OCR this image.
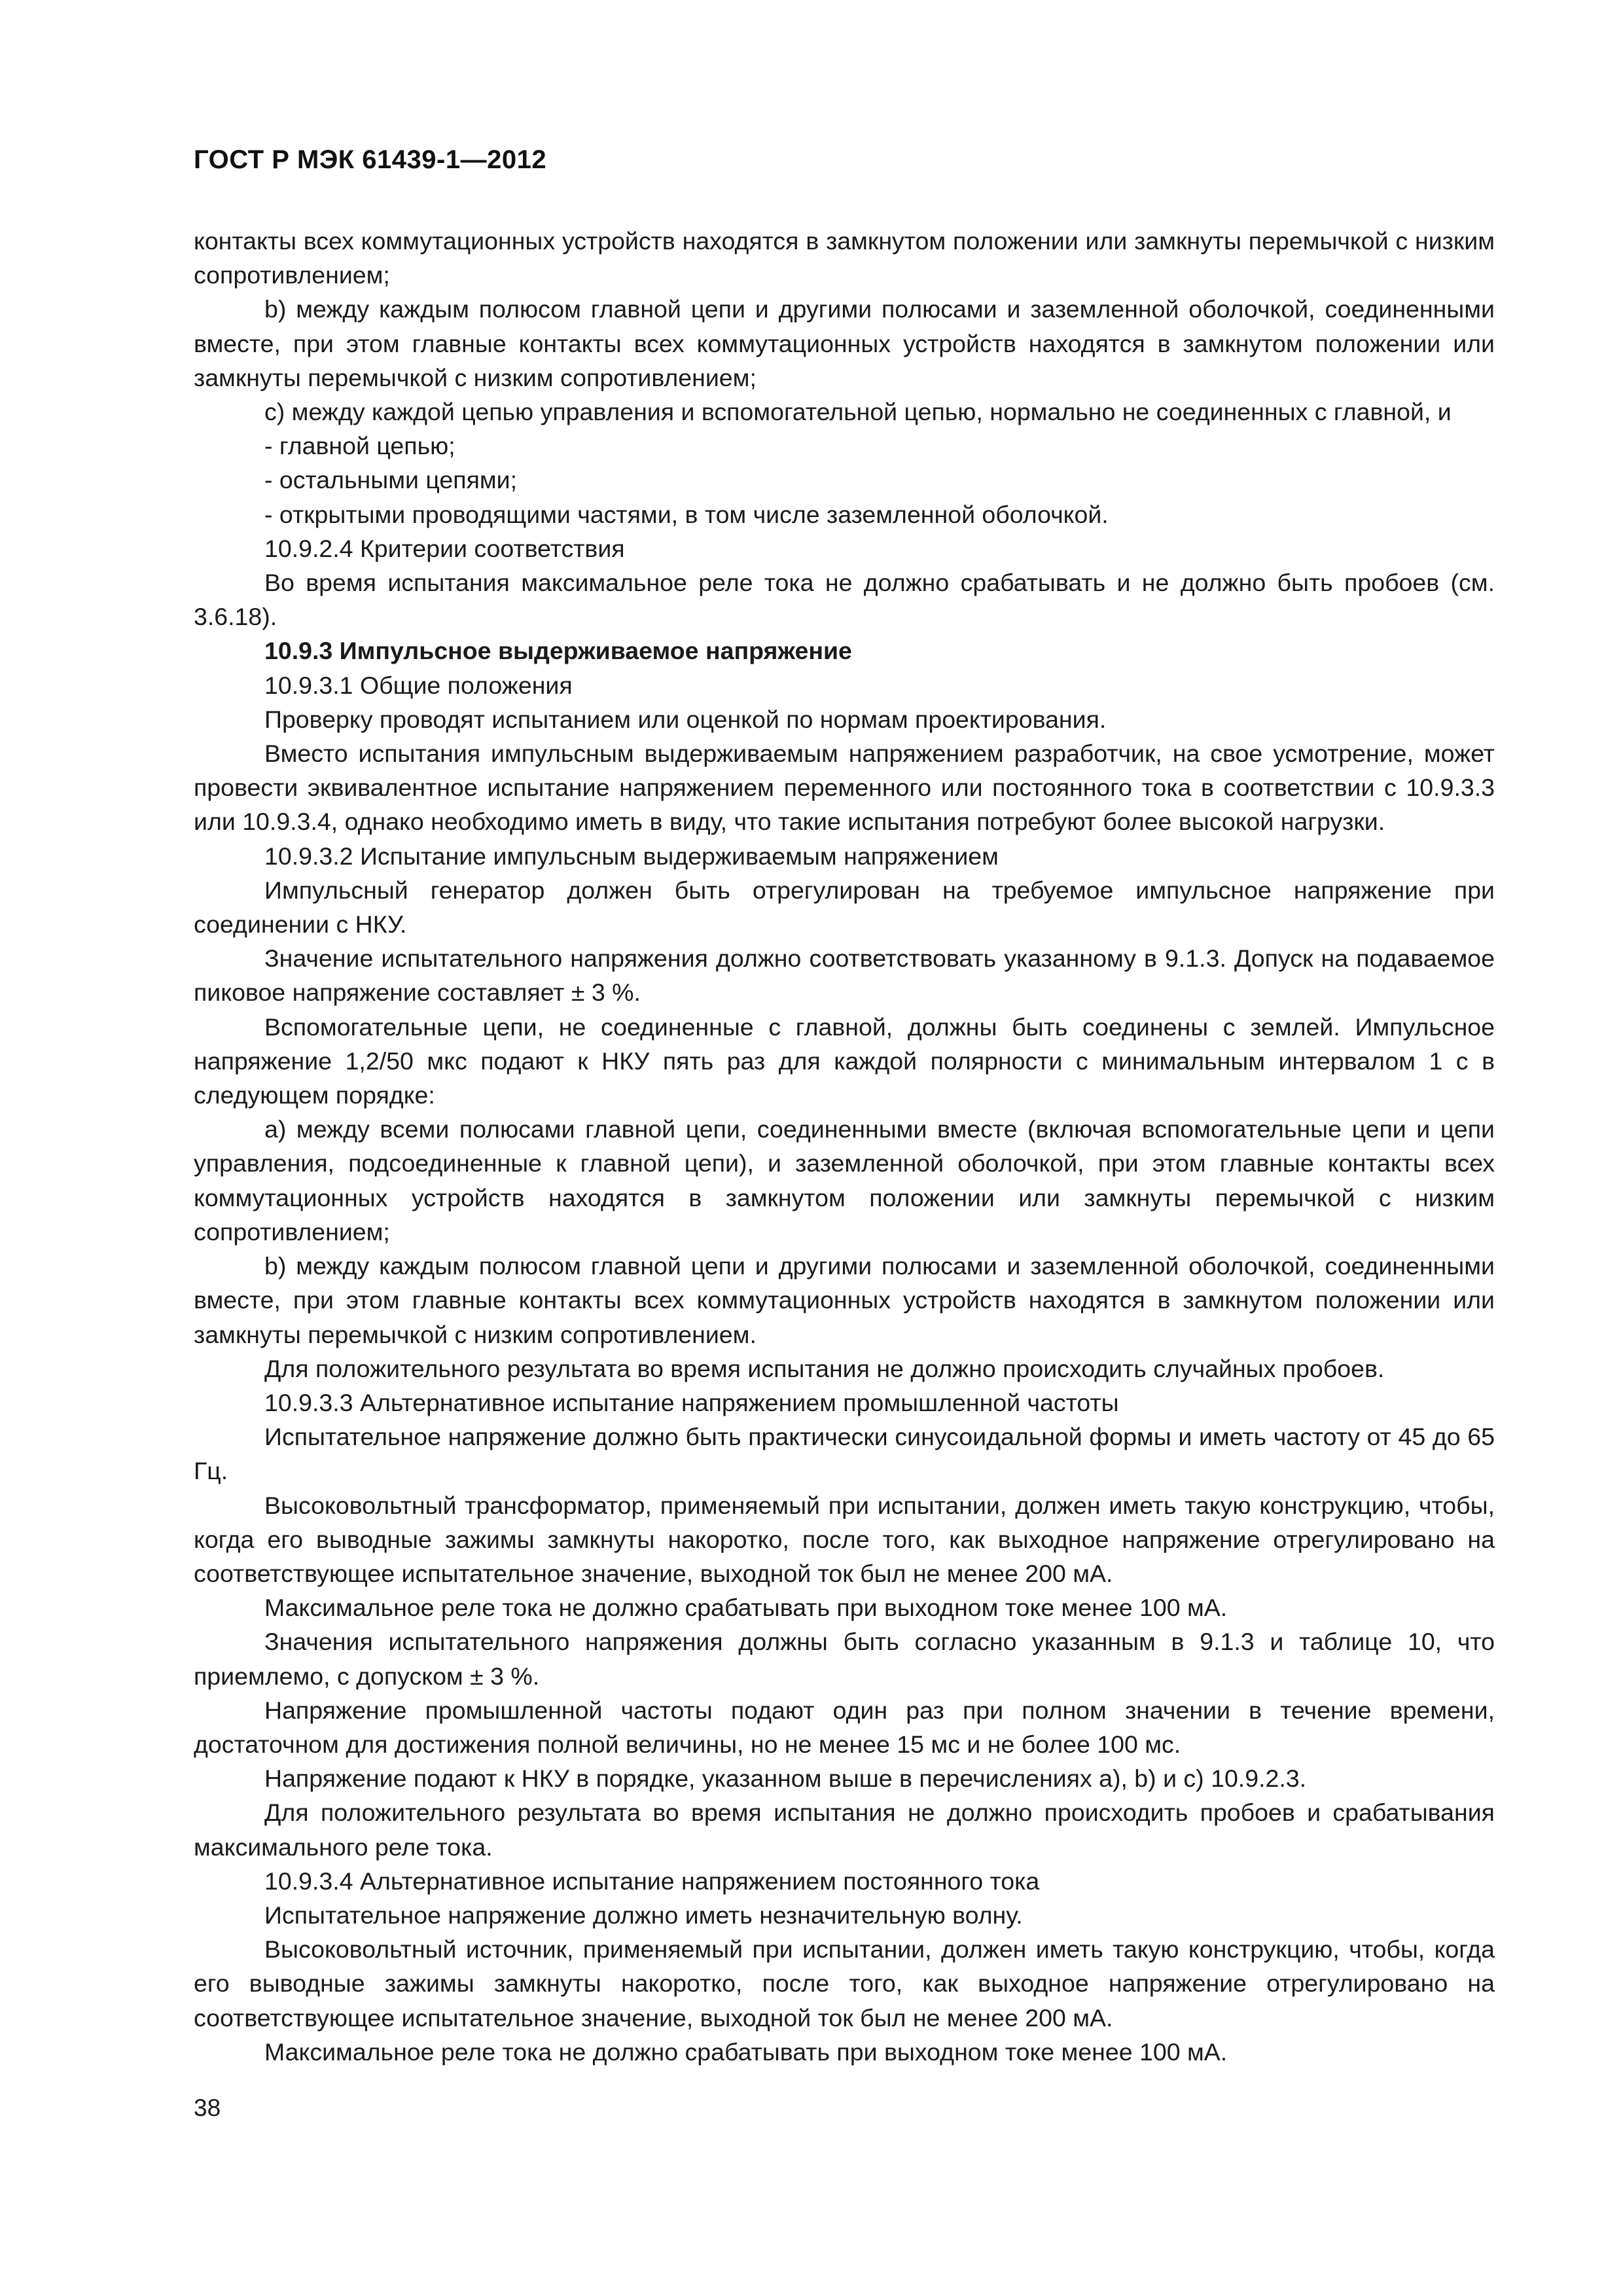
ГОСТ Р МЭК 61439-1—2012

контакты всех коммутационных устройств находятся в замкнутом положении или замкнуты перемычкой с низким сопротивлением;

b) между каждым полюсом главной цепи и другими полюсами и заземленной оболочкой, соединенными вместе, при этом главные контакты всех коммутационных устройств находятся в замкнутом положении или замкнуты перемычкой с низким сопротивлением;

c) между каждой цепью управления и вспомогательной цепью, нормально не соединенных с главной, и

- главной цепью;

- остальными цепями;

- открытыми проводящими частями, в том числе заземленной оболочкой.

10.9.2.4 Критерии соответствия

Во время испытания максимальное реле тока не должно срабатывать и не должно быть пробоев (см. 3.6.18).

10.9.3 Импульсное выдерживаемое напряжение

10.9.3.1 Общие положения

Проверку проводят испытанием или оценкой по нормам проектирования.

Вместо испытания импульсным выдерживаемым напряжением разработчик, на свое усмотрение, может провести эквивалентное испытание напряжением переменного или постоянного тока в соответствии с 10.9.3.3 или 10.9.3.4, однако необходимо иметь в виду, что такие испытания потребуют более высокой нагрузки.

10.9.3.2 Испытание импульсным выдерживаемым напряжением

Импульсный генератор должен быть отрегулирован на требуемое импульсное напряжение при соединении с НКУ.

Значение испытательного напряжения должно соответствовать указанному в 9.1.3. Допуск на подаваемое пиковое напряжение составляет ± 3 %.

Вспомогательные цепи, не соединенные с главной, должны быть соединены с землей. Импульсное напряжение 1,2/50 мкс подают к НКУ пять раз для каждой полярности с минимальным интервалом 1 с в следующем порядке:

a) между всеми полюсами главной цепи, соединенными вместе (включая вспомогательные цепи и цепи управления, подсоединенные к главной цепи), и заземленной оболочкой, при этом главные контакты всех коммутационных устройств находятся в замкнутом положении или замкнуты перемычкой с низким сопротивлением;

b) между каждым полюсом главной цепи и другими полюсами и заземленной оболочкой, соединенными вместе, при этом главные контакты всех коммутационных устройств находятся в замкнутом положении или замкнуты перемычкой с низким сопротивлением.

Для положительного результата во время испытания не должно происходить случайных пробоев.

10.9.3.3 Альтернативное испытание напряжением промышленной частоты

Испытательное напряжение должно быть практически синусоидальной формы и иметь частоту от 45 до 65 Гц.

Высоковольтный трансформатор, применяемый при испытании, должен иметь такую конструкцию, чтобы, когда его выводные зажимы замкнуты накоротко, после того, как выходное напряжение отрегулировано на соответствующее испытательное значение, выходной ток был не менее 200 мА.

Максимальное реле тока не должно срабатывать при выходном токе менее 100 мА.

Значения испытательного напряжения должны быть согласно указанным в 9.1.3 и таблице 10, что приемлемо, с допуском ± 3 %.

Напряжение промышленной частоты подают один раз при полном значении в течение времени, достаточном для достижения полной величины, но не менее 15 мс и не более 100 мс.

Напряжение подают к НКУ в порядке, указанном выше в перечислениях a), b) и c) 10.9.2.3.

Для положительного результата во время испытания не должно происходить пробоев и срабатывания максимального реле тока.

10.9.3.4 Альтернативное испытание напряжением постоянного тока

Испытательное напряжение должно иметь незначительную волну.

Высоковольтный источник, применяемый при испытании, должен иметь такую конструкцию, чтобы, когда его выводные зажимы замкнуты накоротко, после того, как выходное напряжение отрегулировано на соответствующее испытательное значение, выходной ток был не менее 200 мА.

Максимальное реле тока не должно срабатывать при выходном токе менее 100 мА.

38
